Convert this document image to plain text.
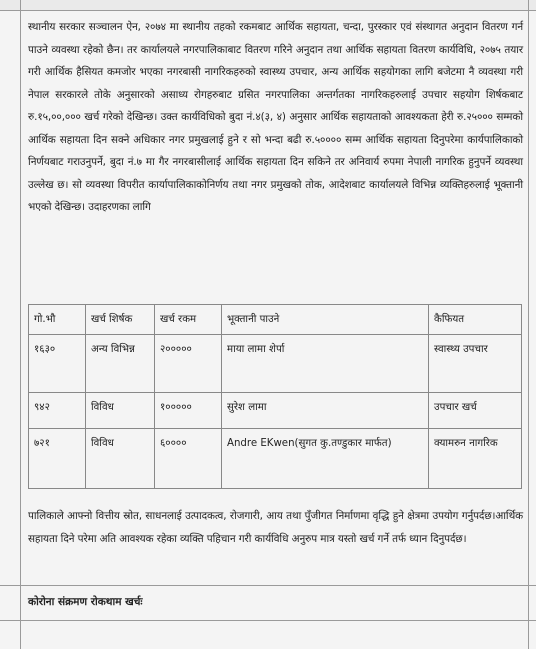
स्थानीय सरकार सञ्चालन ऐन, २०७४ मा स्थानीय तहको रकमबाट आर्थिक सहायता, चन्दा, पुरस्कार एवं संस्थागत अनुदान वितरण गर्न पाउने व्यवस्था रहेको छैन। तर कार्यालयले नगरपालिकाबाट वितरण गरिने अनुदान तथा आर्थिक सहायता वितरण कार्यविधि, २०७५ तयार गरी आर्थिक हैसियत कमजोर भएका नगरबासी नागरिकहरुको स्वास्थ्य उपचार, अन्य आर्थिक सहयोगका लागि बजेटमा नै व्यवस्था गरी नेपाल सरकारले तोके अनुसारको असाध्य रोगहरुबाट ग्रसित नगरपालिका अन्तर्गतका नागरिकहरुलाई उपचार सहयोग शिर्षकबाट रु.१५,००,००० खर्च गरेको देखिन्छ। उक्त कार्यविधिको बुदा नं.४(३, ४) अनुसार आर्थिक सहायताको आवश्यकता हेरी रु.२५००० सम्मको आर्थिक सहायता दिन सक्ने अधिकार नगर प्रमुखलाई हुने र सो भन्दा बढी रु.५०००० सम्म आर्थिक सहायता दिनुपरेमा कार्यपालिकाको निर्णयबाट गराउनुपर्ने, बुदा नं.७ मा गैर नगरबासीलाई आर्थिक सहायता दिन सकिने तर अनिवार्य रुपमा नेपाली नागरिक हुनुपर्ने व्यवस्था उल्लेख छ। सो व्यवस्था विपरीत कार्यापालिकाकोनिर्णय तथा नगर प्रमुखको तोक, आदेशबाट कार्यालयले विभिन्न व्यक्तिहरुलाई भूक्तानी भएको देखिन्छ। उदाहरणका लागि

गो.भौ	खर्च शिर्षक	खर्च रकम	भूक्तानी पाउने	कैफियत
१६३०	अन्य विभिन्न	२०००००	माया लामा शेर्पा	स्वास्थ्य उपचार
९४२	विविध	१०००००	सुरेश लामा	उपचार खर्च
७२१	विविध	६००००	Andre EKwen(सुगत कु.तण्डुकार मार्फत)	क्यामरुन नागरिक

पालिकाले आफ्नो वित्तीय स्रोत, साधनलाई उत्पादकत्व, रोजगारी, आय तथा पुँजीगत निर्माणमा वृद्धि हुने क्षेत्रमा उपयोग गर्नुपर्दछ।आर्थिक सहायता दिने परेमा अति आवश्यक रहेका व्यक्ति पहिचान गरी कार्यविधि अनुरुप मात्र यस्तो खर्च गर्ने तर्फ ध्यान दिनुपर्दछ।

कोरोना संक्रमण रोकथाम खर्चः
